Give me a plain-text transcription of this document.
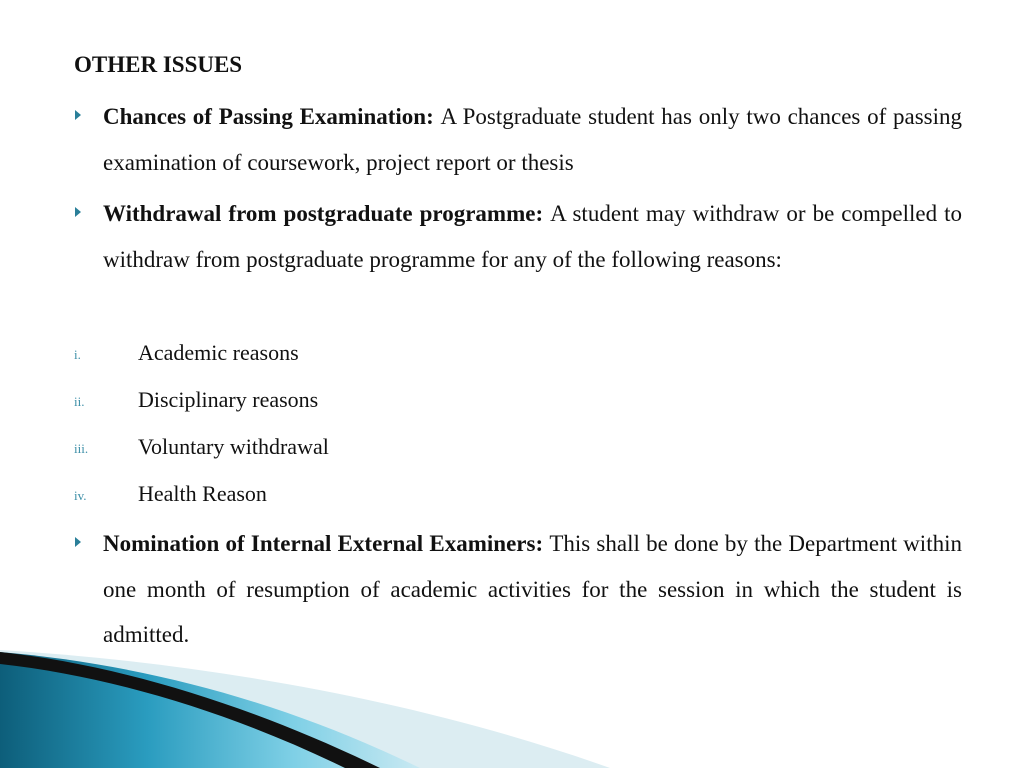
OTHER ISSUES
Chances of Passing Examination: A Postgraduate student has only two chances of passing examination of coursework, project report or thesis
Withdrawal from postgraduate programme: A student may withdraw or be compelled to withdraw from postgraduate programme for any of the following reasons:
i.	Academic reasons
ii. Disciplinary reasons
iii. Voluntary withdrawal
iv. Health Reason
Nomination of Internal External Examiners: This shall be done by the Department within one month of resumption of academic activities for the session in which the student is admitted.
